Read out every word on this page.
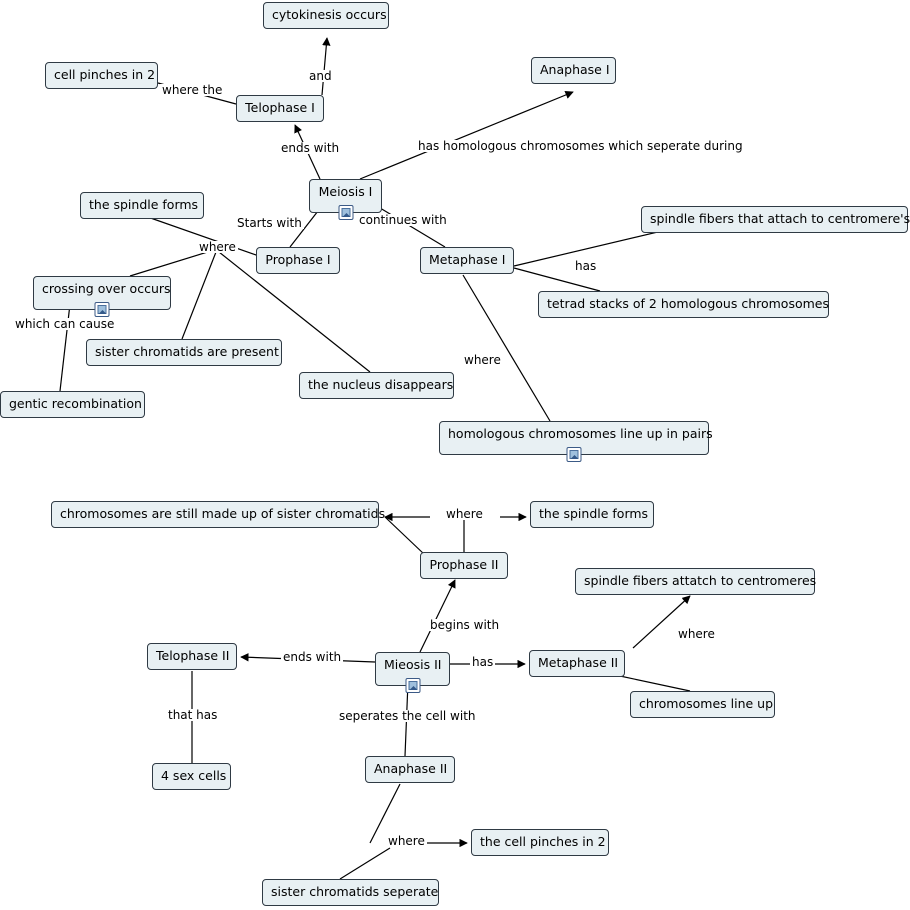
cytokinesis occurs
cell pinches in 2
Telophase I
Anaphase I
Meiosis I
the spindle forms
Prophase I	Metaphase I
spindle fibers that attach to centromere's
tetrad stacks of 2 homologous chromosomes
crossing over occurs
sister chromatids are present
gentic recombination
the nucleus disappears
homologous chromosomes line up in pairs
chromosomes are still made up of sister chromatids	the spindle forms
Prophase II
spindle fibers attatch to centromeres
Telophase II
Mieosis II	Metaphase II
chromosomes line up
4 sex cells	Anaphase II
the cell pinches in 2
sister chromatids seperate
and
where the
ends with	has homologous chromosomes which seperate during
Starts with	continues with
where
has
which can cause
where
where
begins with
ends with	has
where
that has	seperates the cell with
where
